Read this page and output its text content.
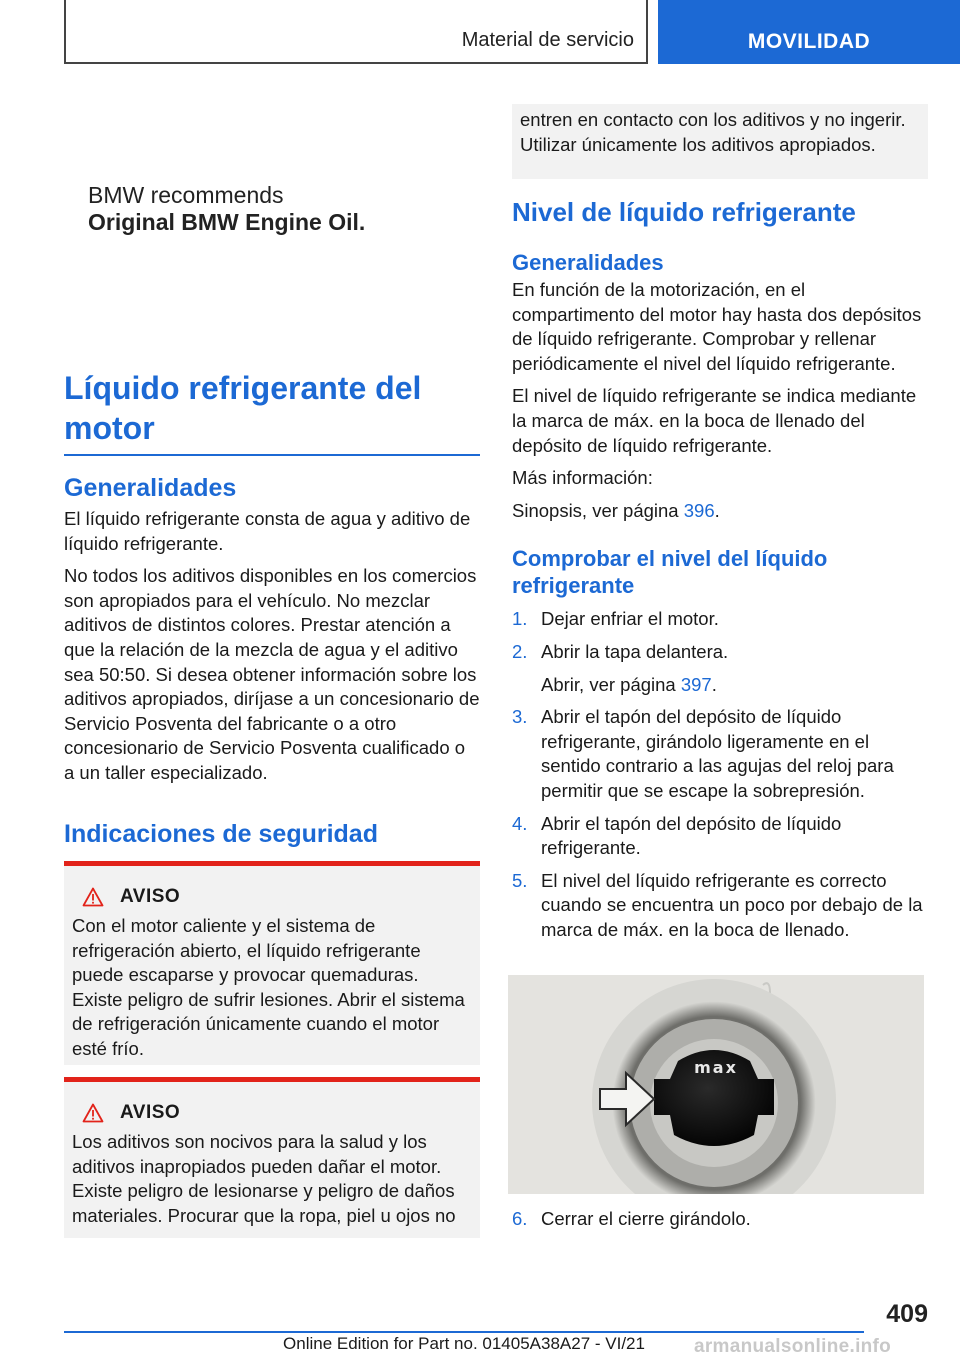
Material de servicio	MOVILIDAD
BMW recommends
Original BMW Engine Oil.
Líquido refrigerante del motor
Generalidades

El líquido refrigerante consta de agua y aditivo de líquido refrigerante.

No todos los aditivos disponibles en los comercios son apropiados para el vehículo. No mezclar aditivos de distintos colores. Prestar atención a que la relación de la mezcla de agua y el aditivo sea 50:50. Si desea obtener información sobre los aditivos apropiados, diríjase a un concesionario de Servicio Posventa del fabricante o a otro concesionario de Servicio Posventa cualificado o a un taller especializado.

Indicaciones de seguridad
AVISO

Con el motor caliente y el sistema de refrigeración abierto, el líquido refrigerante puede escaparse y provocar quemaduras. Existe peligro de sufrir lesiones. Abrir el sistema de refrigeración únicamente cuando el motor esté frío.

AVISO

Los aditivos son nocivos para la salud y los aditivos inapropiados pueden dañar el motor. Existe peligro de lesionarse y peligro de daños materiales. Procurar que la ropa, piel u ojos no

entren en contacto con los aditivos y no ingerir. Utilizar únicamente los aditivos apropiados.

Nivel de líquido refrigerante
Generalidades

En función de la motorización, en el compartimento del motor hay hasta dos depósitos de líquido refrigerante. Comprobar y rellenar periódicamente el nivel del líquido refrigerante.

El nivel de líquido refrigerante se indica mediante la marca de máx. en la boca de llenado del depósito de líquido refrigerante.

Más información:

Sinopsis, ver página 396.

Comprobar el nivel del líquido refrigerante
1. Dejar enfriar el motor.
2. Abrir la tapa delantera.
Abrir, ver página 397.
3. Abrir el tapón del depósito de líquido refrigerante, girándolo ligeramente en el sentido contrario a las agujas del reloj para permitir que se escape la sobrepresión.
4. Abrir el tapón del depósito de líquido refrigerante.
5. El nivel del líquido refrigerante es correcto cuando se encuentra un poco por debajo de la marca de máx. en la boca de llenado.
max
6. Cerrar el cierre girándolo.
409
Online Edition for Part no. 01405A38A27 - VI/21	armanualsonline.info
